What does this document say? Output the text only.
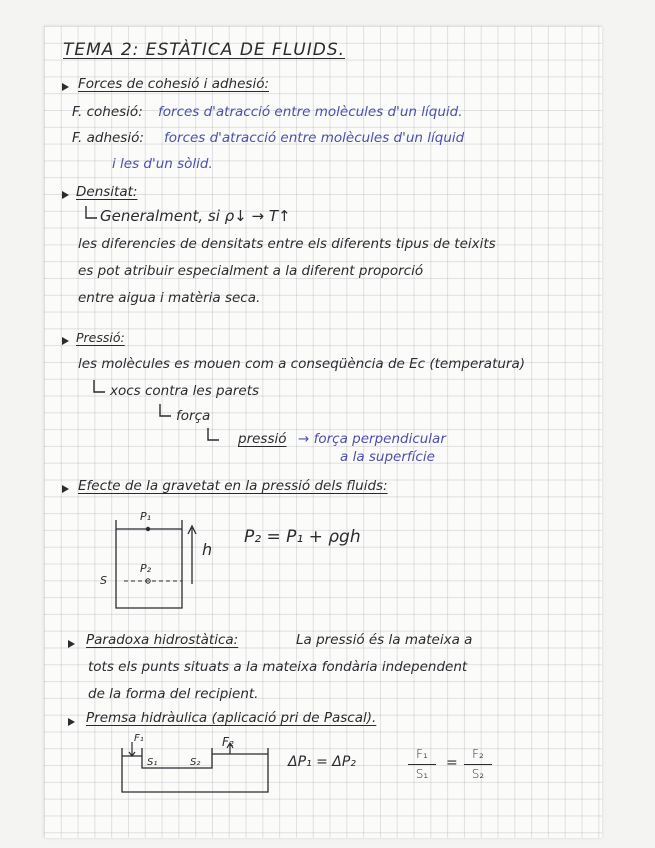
TEMA 2: ESTÀTICA DE FLUIDS.
Forces de cohesió i adhesió:
F. cohesió: forces d'atracció entre molècules d'un líquid.
F. adhesió: forces d'atracció entre molècules d'un líquid
i les d'un sòlid.
Densitat:
Generalment, si ρ↓ → T↑
les diferencies de densitats entre els diferents tipus de teixits
es pot atribuir especialment a la diferent proporció
entre aigua i matèria seca.
Pressió:
les molècules es mouen com a conseqüència de Ec (temperatura)
xocs contra les parets
força
pressió → força perpendicular
a la superfície
Efecte de la gravetat en la pressió dels fluids:
P₁
P₂
h
S
P₂ = P₁ + ρgh
Paradoxa hidrostàtica:	La pressió és la mateixa a
tots els punts situats a la mateixa fondària independent
de la forma del recipient.
Premsa hidràulica (aplicació pri de Pascal).
F₁	F₂
S₁	S₂	ΔP₁ = ΔP₂	F₁
S₁
=
F₂
S₂
